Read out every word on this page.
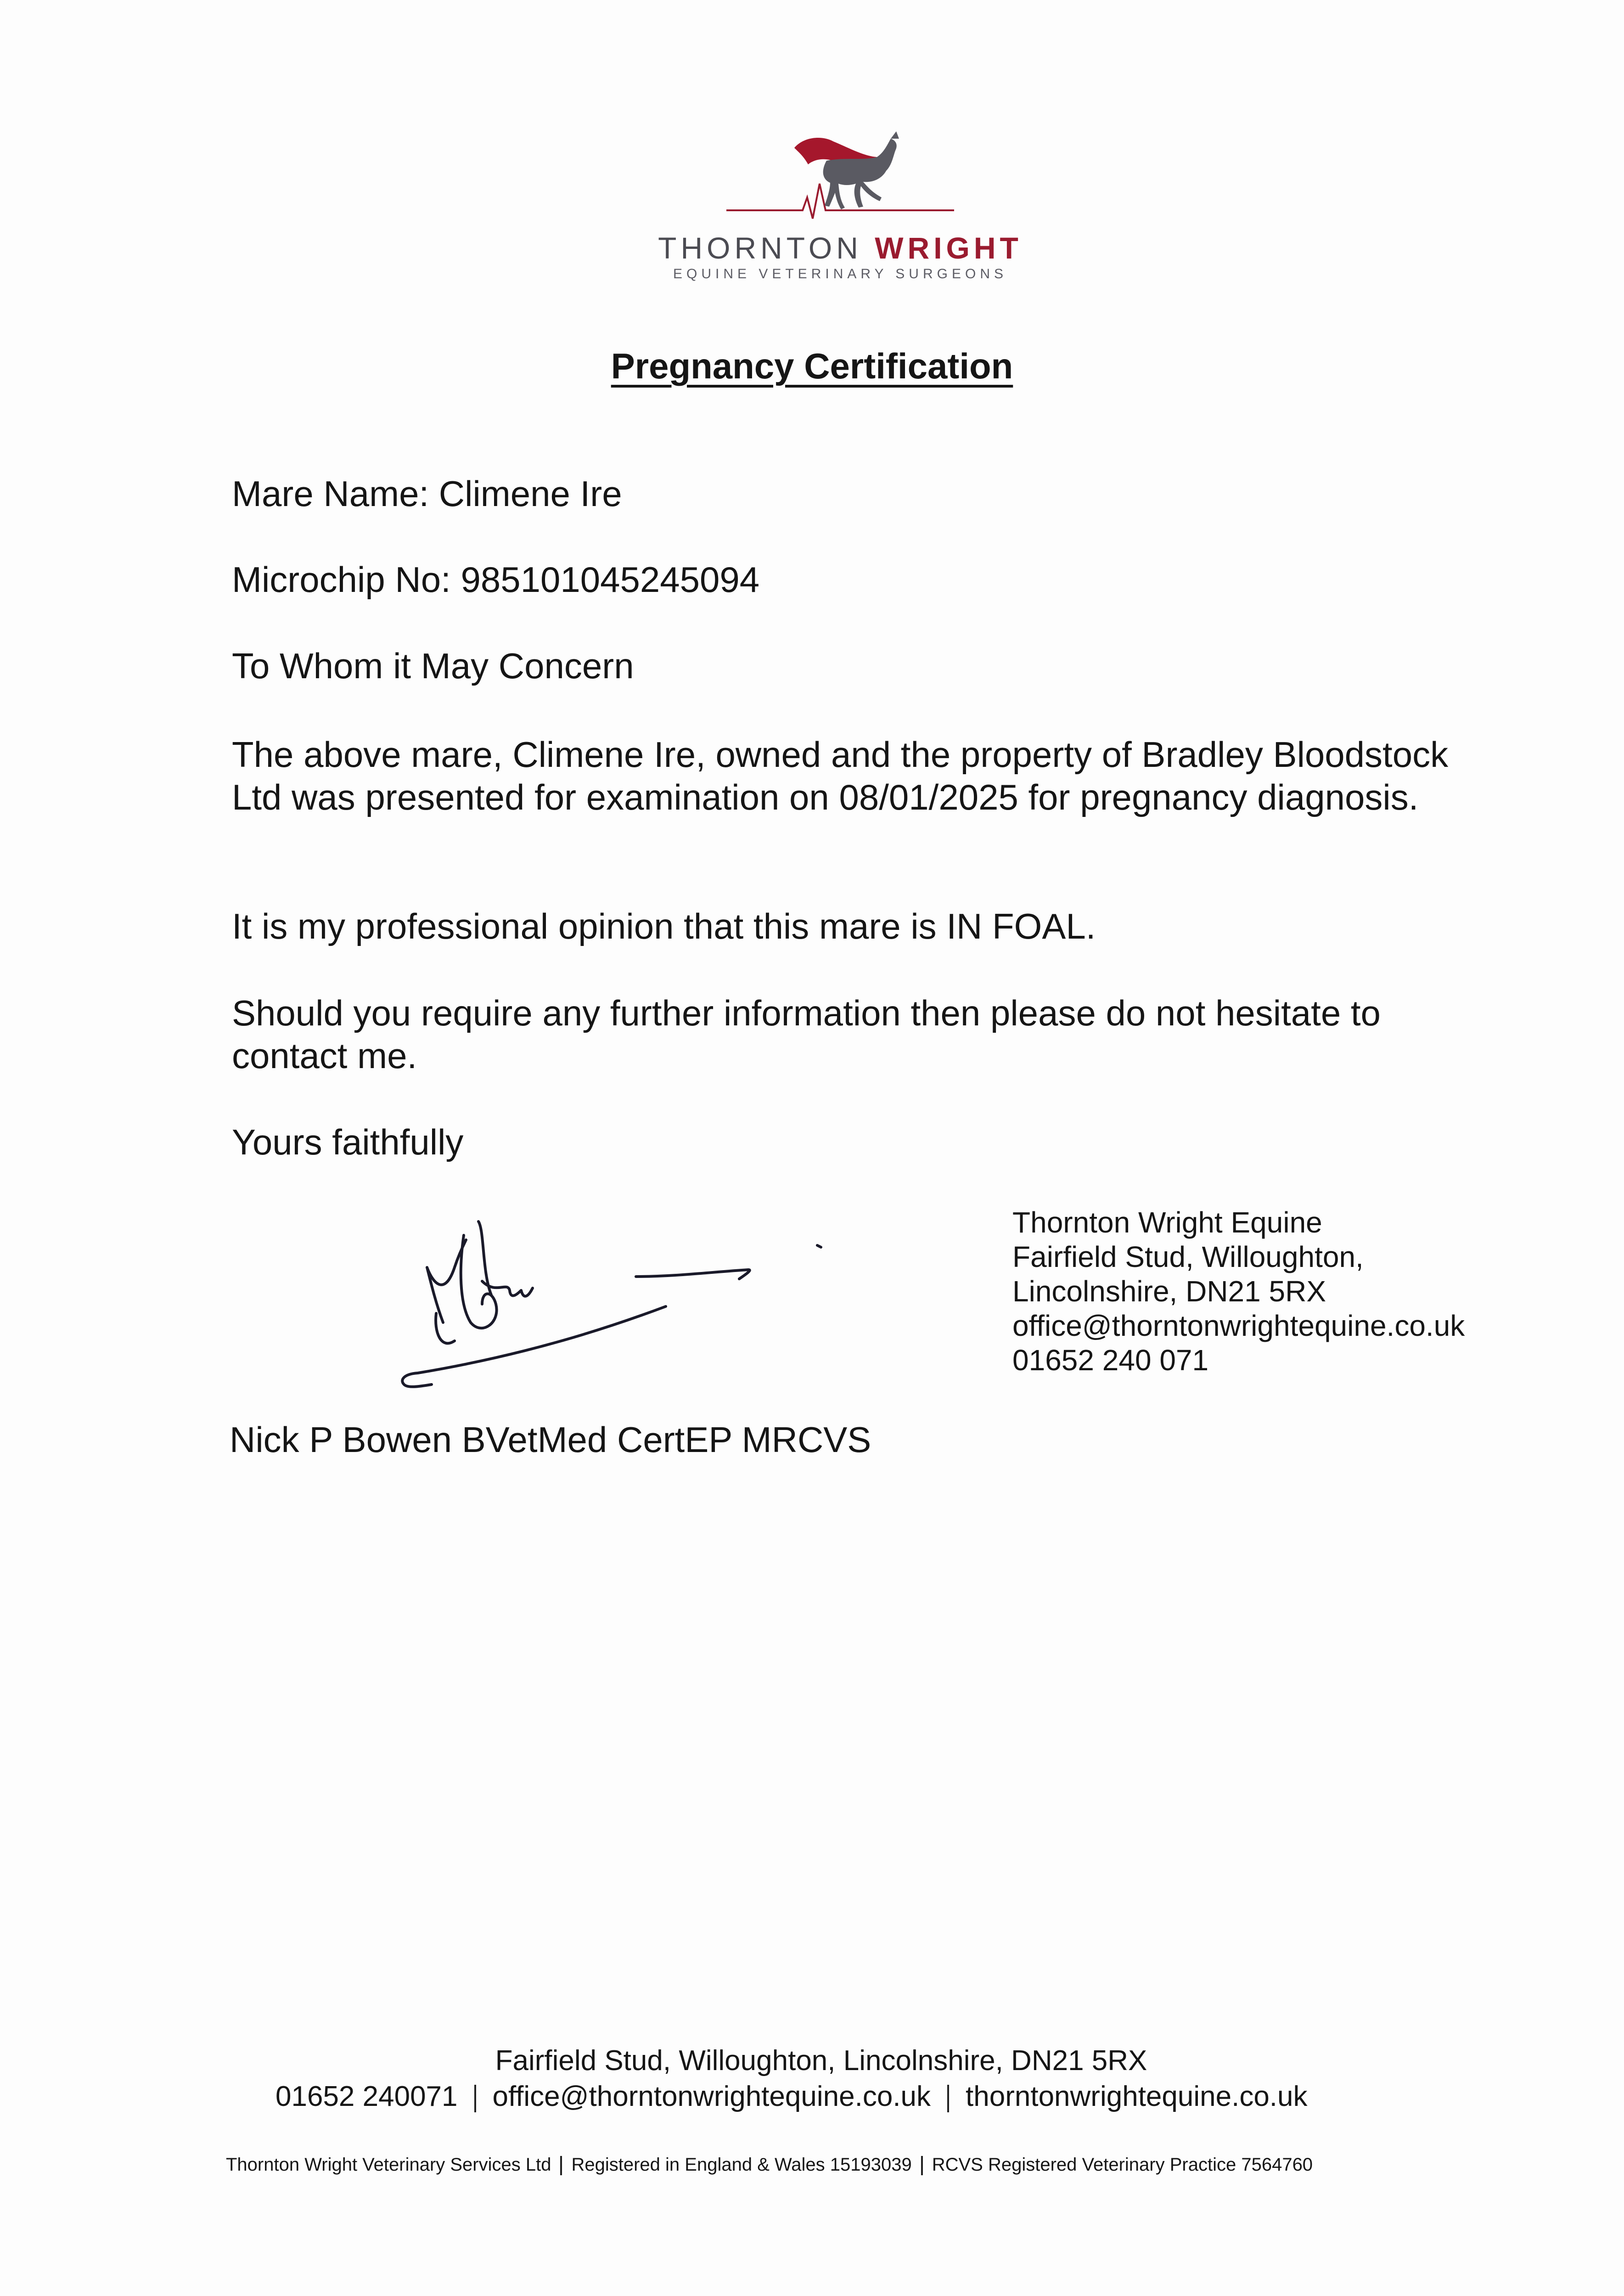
THORNTON WRIGHT
EQUINE VETERINARY SURGEONS
Pregnancy Certification
Mare Name: Climene Ire
Microchip No: 985101045245094
To Whom it May Concern
The above mare, Climene Ire, owned and the property of Bradley Bloodstock Ltd was presented for examination on 08/01/2025 for pregnancy diagnosis.
It is my professional opinion that this mare is IN FOAL.
Should you require any further information then please do not hesitate to contact me.
Yours faithfully
Nick P Bowen BVetMed CertEP MRCVS
Thornton Wright Equine
Fairfield Stud, Willoughton,
Lincolnshire, DN21 5RX
office@thorntonwrightequine.co.uk
01652 240 071
Fairfield Stud, Willoughton, Lincolnshire, DN21 5RX
01652 240071 office@thorntonwrightequine.co.uk thorntonwrightequine.co.uk
Thornton Wright Veterinary Services Ltd Registered in England & Wales 15193039 RCVS Registered Veterinary Practice 7564760
